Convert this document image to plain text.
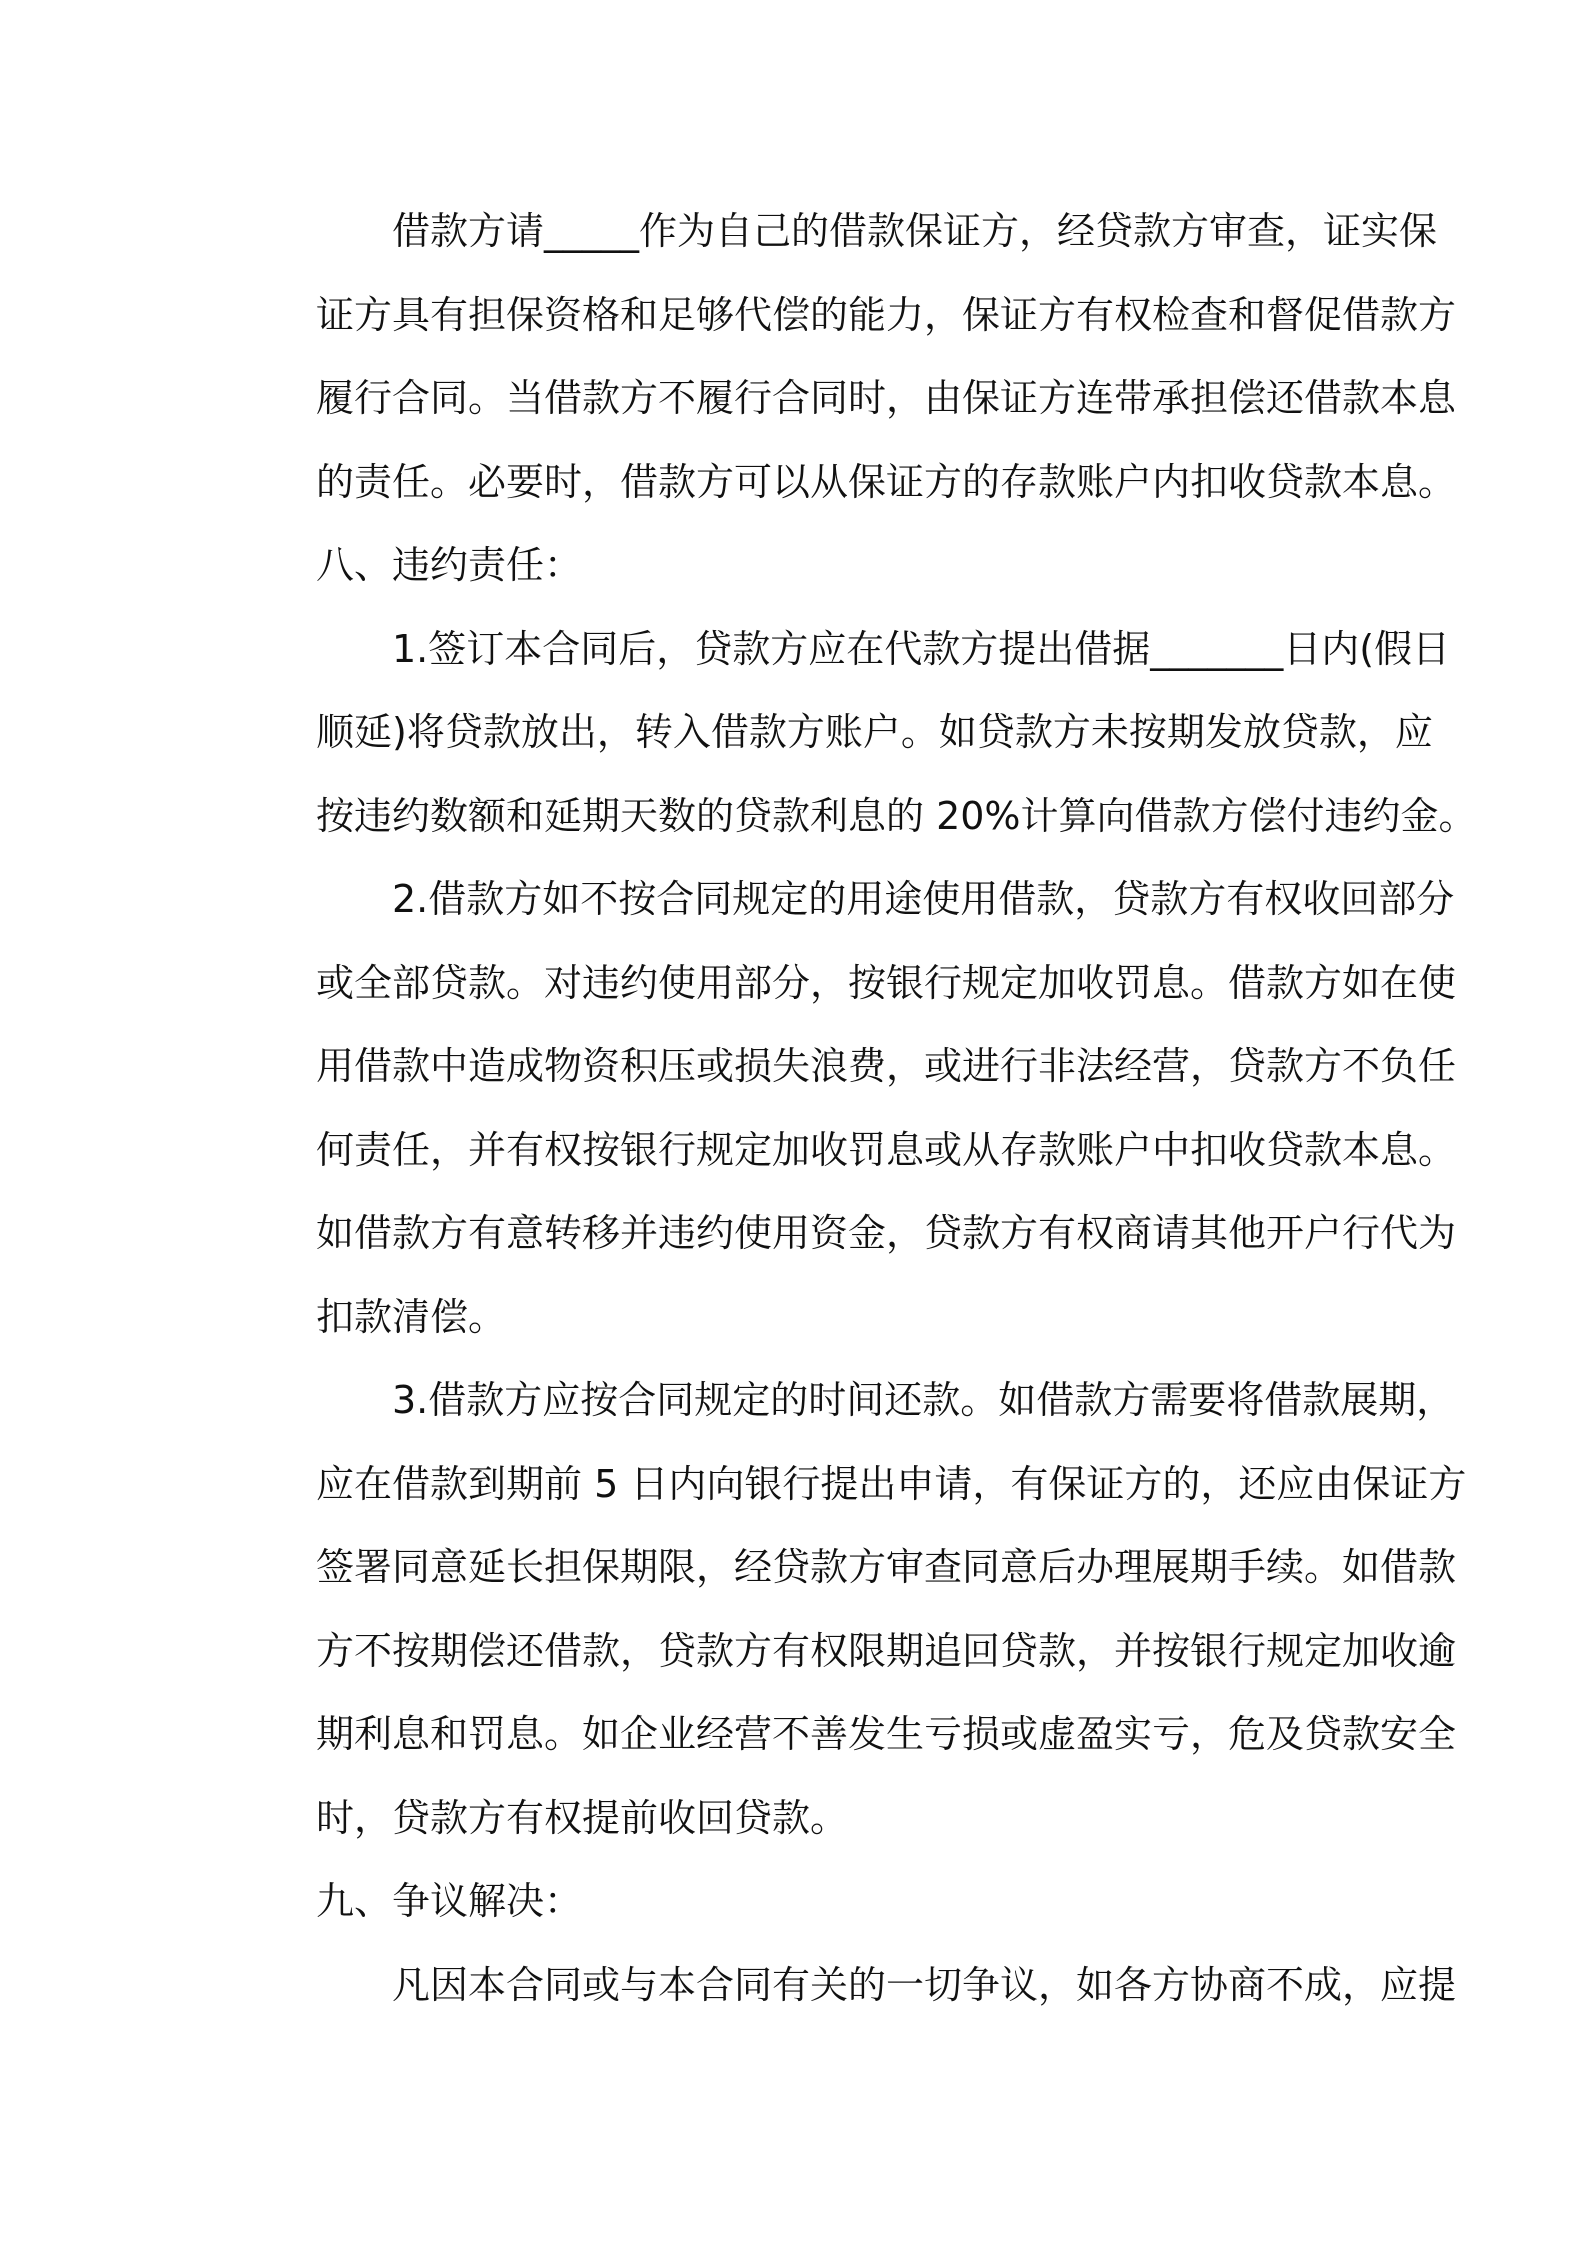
借款方请_____作为自己的借款保证方，经贷款方审查，证实保
证方具有担保资格和足够代偿的能力，保证方有权检查和督促借款方
履行合同。当借款方不履行合同时，由保证方连带承担偿还借款本息
的责任。必要时，借款方可以从保证方的存款账户内扣收贷款本息。
八、违约责任：
1.签订本合同后，贷款方应在代款方提出借据_______日内(假日
顺延)将贷款放出，转入借款方账户。如贷款方未按期发放贷款，应
按违约数额和延期天数的贷款利息的 20%计算向借款方偿付违约金。
2.借款方如不按合同规定的用途使用借款，贷款方有权收回部分
或全部贷款。对违约使用部分，按银行规定加收罚息。借款方如在使
用借款中造成物资积压或损失浪费，或进行非法经营，贷款方不负任
何责任，并有权按银行规定加收罚息或从存款账户中扣收贷款本息。
如借款方有意转移并违约使用资金，贷款方有权商请其他开户行代为
扣款清偿。
3.借款方应按合同规定的时间还款。如借款方需要将借款展期，
应在借款到期前 5 日内向银行提出申请，有保证方的，还应由保证方
签署同意延长担保期限，经贷款方审查同意后办理展期手续。如借款
方不按期偿还借款，贷款方有权限期追回贷款，并按银行规定加收逾
期利息和罚息。如企业经营不善发生亏损或虚盈实亏，危及贷款安全
时，贷款方有权提前收回贷款。
九、争议解决：
凡因本合同或与本合同有关的一切争议，如各方协商不成，应提
